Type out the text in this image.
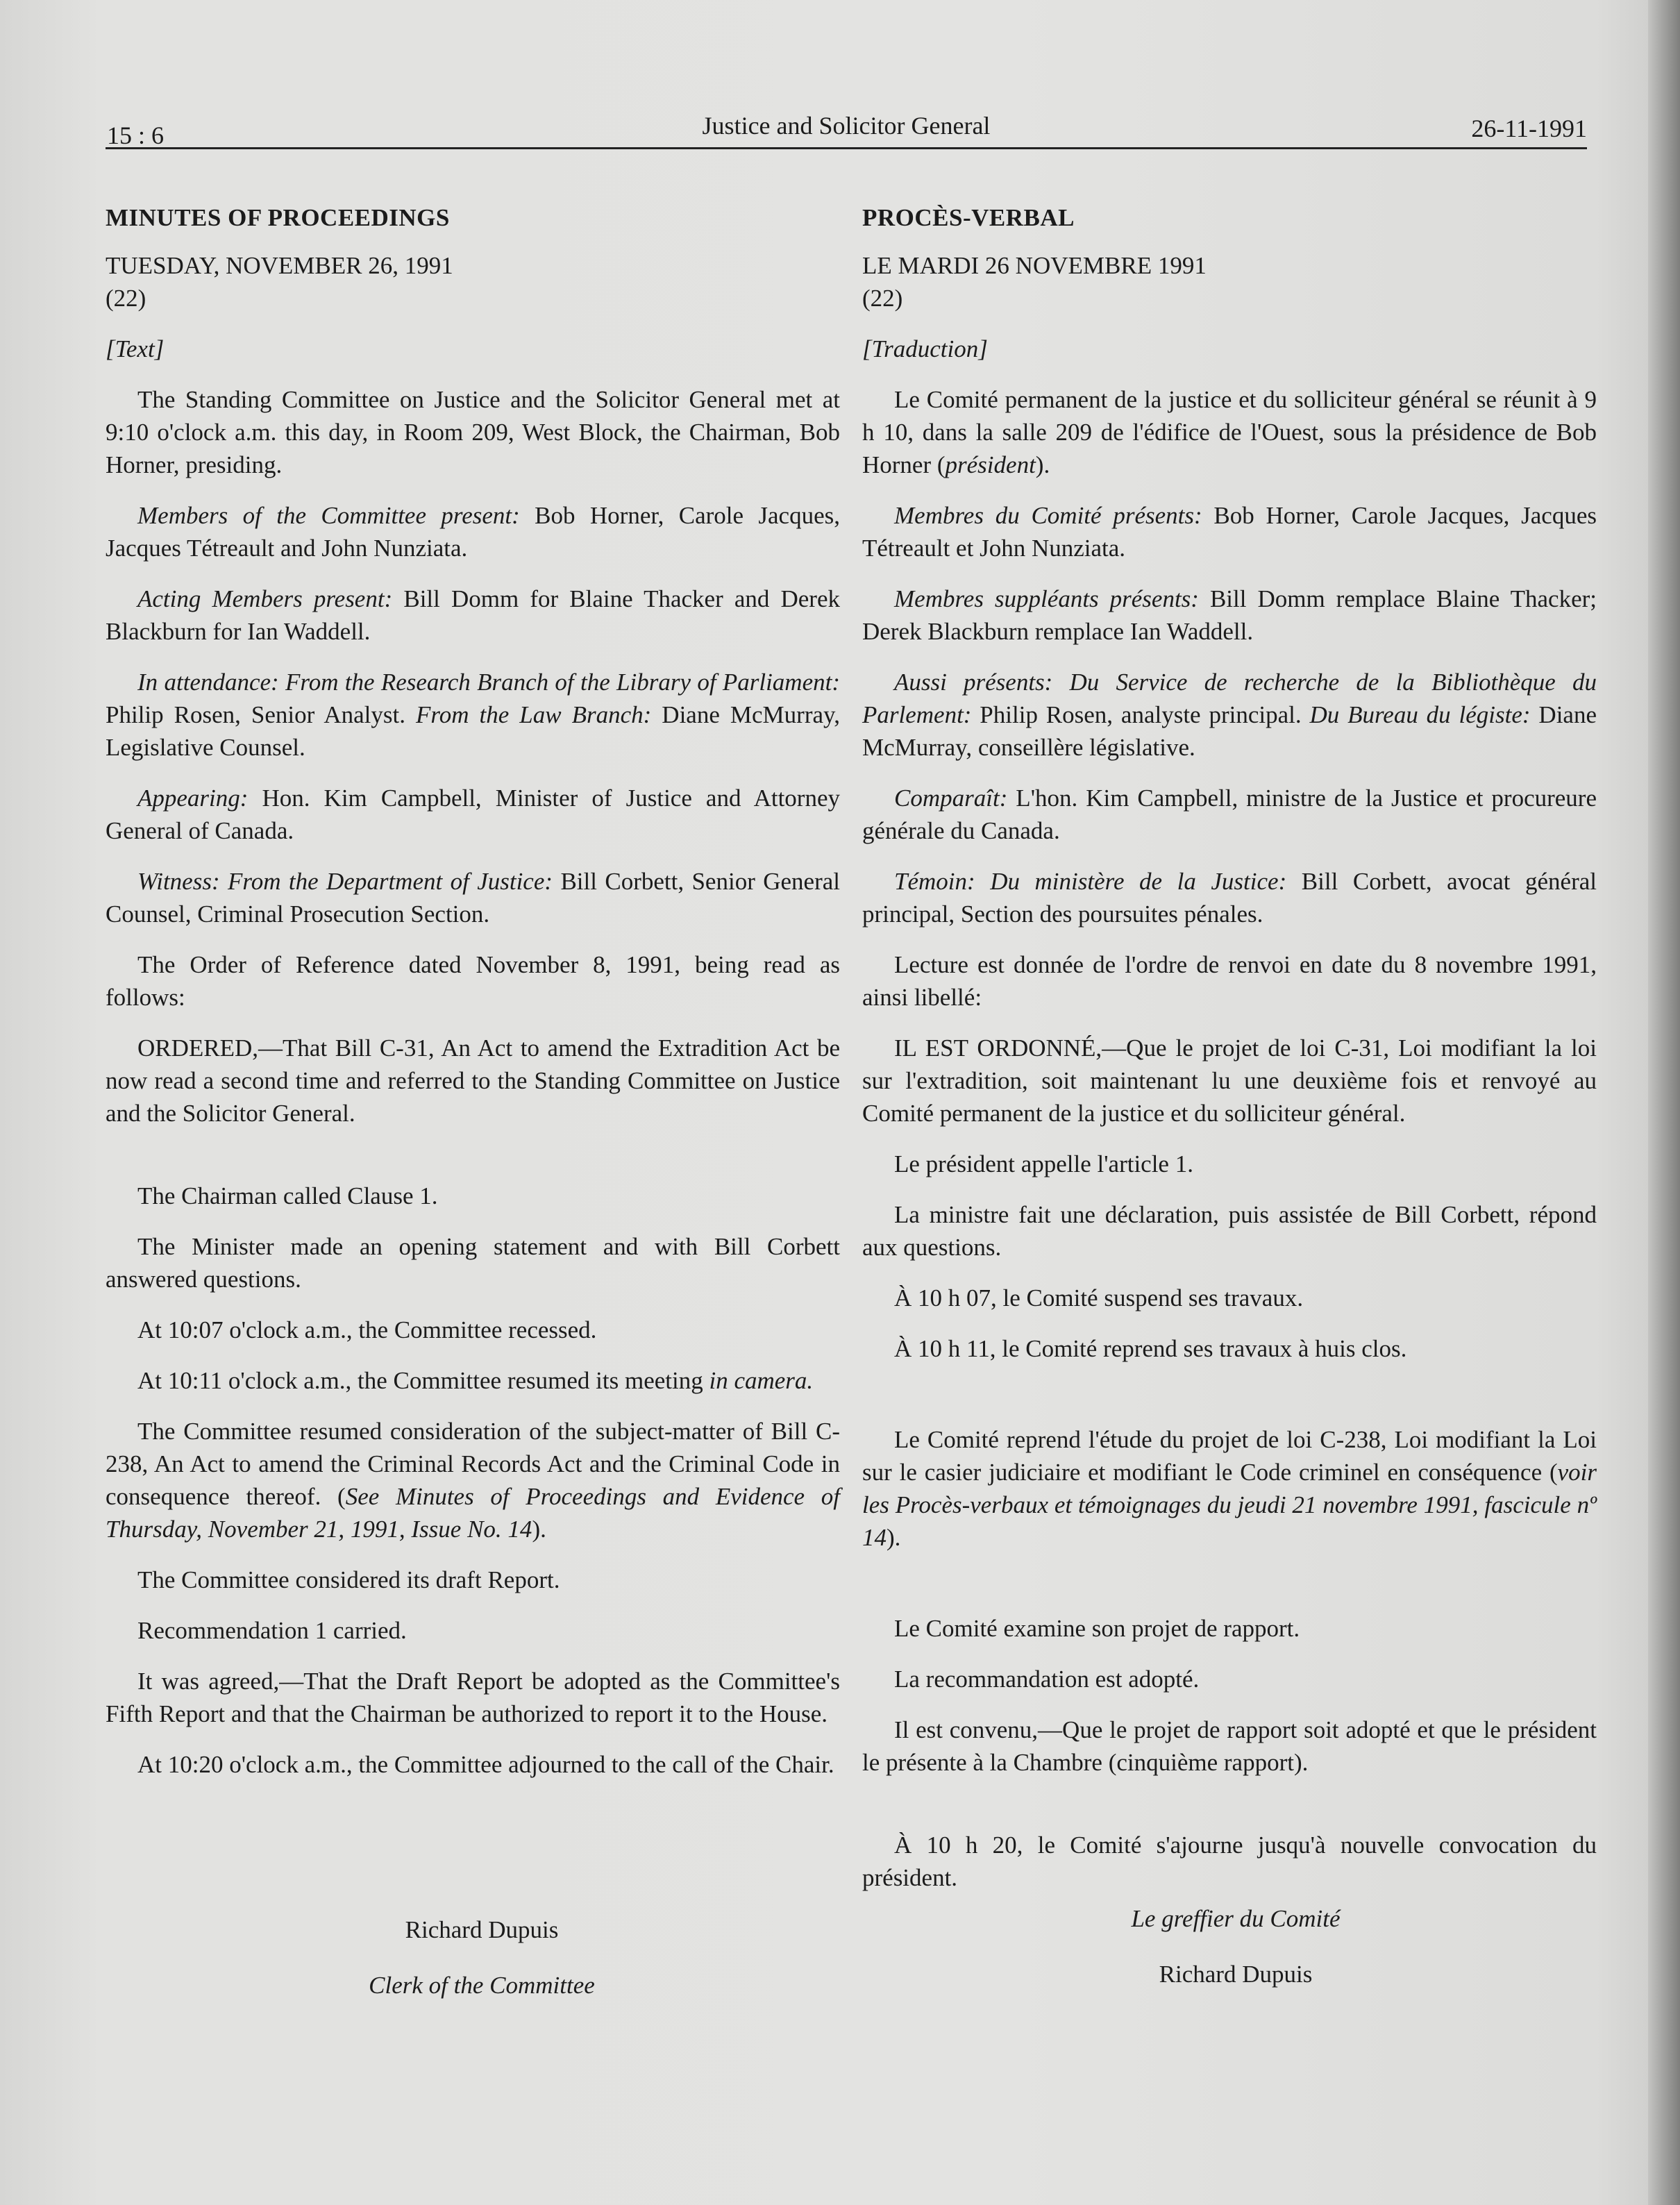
15 : 6	Justice and Solicitor General	26-11-1991
MINUTES OF PROCEEDINGS

TUESDAY, NOVEMBER 26, 1991

(22)

[Text]

The Standing Committee on Justice and the Solicitor General met at 9:10 o'clock a.m. this day, in Room 209, West Block, the Chairman, Bob Horner, presiding.

Members of the Committee present: Bob Horner, Carole Jacques, Jacques Tétreault and John Nunziata.

Acting Members present: Bill Domm for Blaine Thacker and Derek Blackburn for Ian Waddell.

In attendance: From the Research Branch of the Library of Parliament: Philip Rosen, Senior Analyst. From the Law Branch: Diane McMurray, Legislative Counsel.

Appearing: Hon. Kim Campbell, Minister of Justice and Attorney General of Canada.

Witness: From the Department of Justice: Bill Corbett, Senior General Counsel, Criminal Prosecution Section.

The Order of Reference dated November 8, 1991, being read as follows:

ORDERED,—That Bill C-31, An Act to amend the Extradition Act be now read a second time and referred to the Standing Committee on Justice and the Solicitor General.

The Chairman called Clause 1.

The Minister made an opening statement and with Bill Corbett answered questions.

At 10:07 o'clock a.m., the Committee recessed.

At 10:11 o'clock a.m., the Committee resumed its meeting in camera.

The Committee resumed consideration of the subject-matter of Bill C-238, An Act to amend the Criminal Records Act and the Criminal Code in consequence thereof. (See Minutes of Proceedings and Evidence of Thursday, November 21, 1991, Issue No. 14).

The Committee considered its draft Report.

Recommendation 1 carried.

It was agreed,—That the Draft Report be adopted as the Committee's Fifth Report and that the Chairman be authorized to report it to the House.

At 10:20 o'clock a.m., the Committee adjourned to the call of the Chair.

PROCÈS-VERBAL

LE MARDI 26 NOVEMBRE 1991

(22)

[Traduction]

Le Comité permanent de la justice et du solliciteur général se réunit à 9 h 10, dans la salle 209 de l'édifice de l'Ouest, sous la présidence de Bob Horner (président).

Membres du Comité présents: Bob Horner, Carole Jacques, Jacques Tétreault et John Nunziata.

Membres suppléants présents: Bill Domm remplace Blaine Thacker; Derek Blackburn remplace Ian Waddell.

Aussi présents: Du Service de recherche de la Bibliothèque du Parlement: Philip Rosen, analyste principal. Du Bureau du légiste: Diane McMurray, conseillère législative.

Comparaît: L'hon. Kim Campbell, ministre de la Justice et procureure générale du Canada.

Témoin: Du ministère de la Justice: Bill Corbett, avocat général principal, Section des poursuites pénales.

Lecture est donnée de l'ordre de renvoi en date du 8 novembre 1991, ainsi libellé:

IL EST ORDONNÉ,—Que le projet de loi C-31, Loi modifiant la loi sur l'extradition, soit maintenant lu une deuxième fois et renvoyé au Comité permanent de la justice et du solliciteur général.

Le président appelle l'article 1.

La ministre fait une déclaration, puis assistée de Bill Corbett, répond aux questions.

À 10 h 07, le Comité suspend ses travaux.

À 10 h 11, le Comité reprend ses travaux à huis clos.

Le Comité reprend l'étude du projet de loi C-238, Loi modifiant la Loi sur le casier judiciaire et modifiant le Code criminel en conséquence (voir les Procès-verbaux et témoignages du jeudi 21 novembre 1991, fascicule nº 14).

Le Comité examine son projet de rapport.

La recommandation est adopté.

Il est convenu,—Que le projet de rapport soit adopté et que le président le présente à la Chambre (cinquième rapport).

À 10 h 20, le Comité s'ajourne jusqu'à nouvelle convocation du président.

Richard Dupuis
Clerk of the Committee
Le greffier du Comité
Richard Dupuis
